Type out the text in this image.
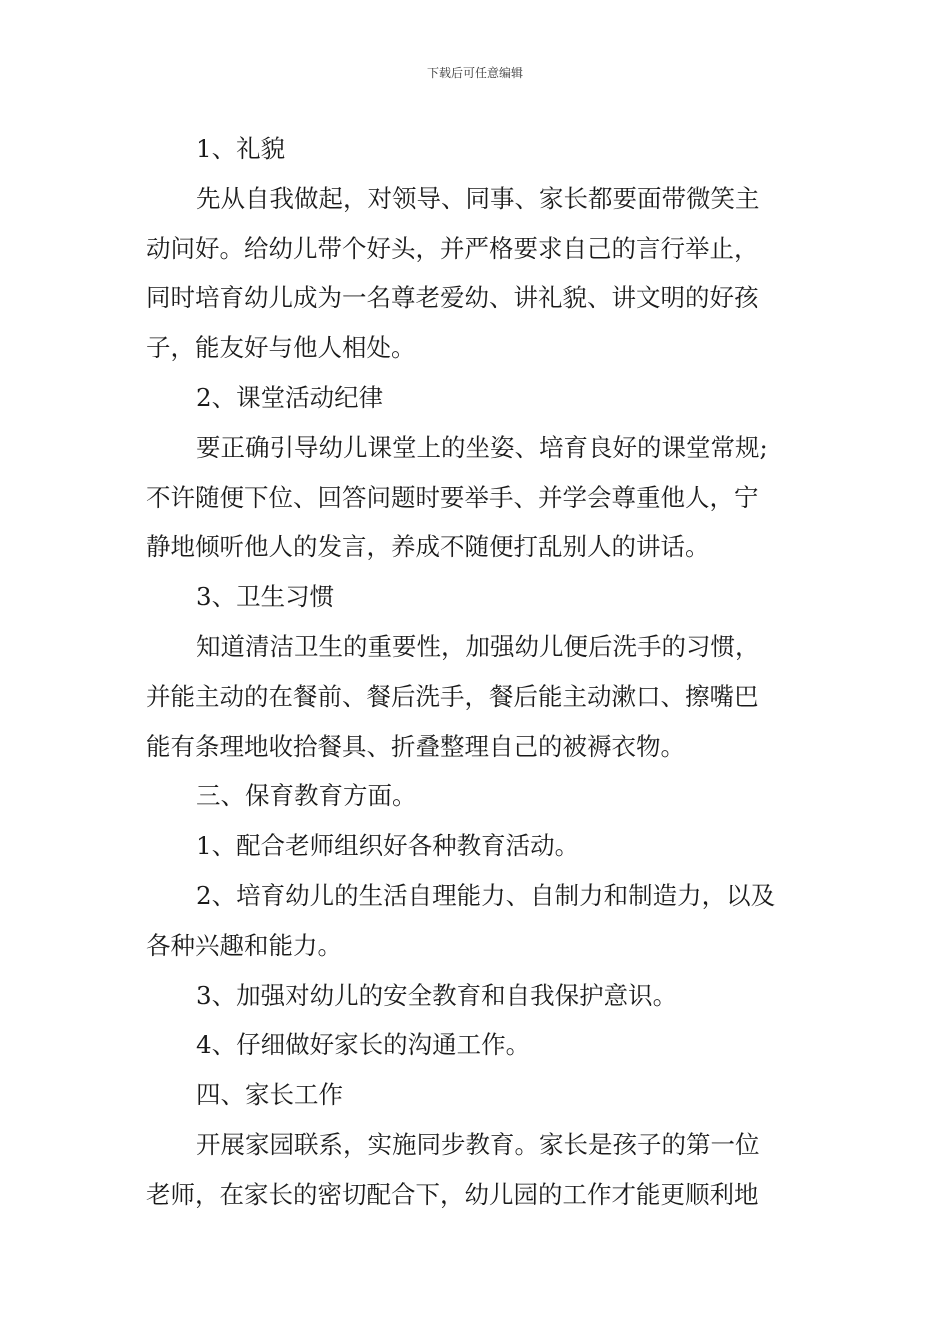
下载后可任意编辑
1、礼貌
先从自我做起，对领导、同事、家长都要面带微笑主
动问好。给幼儿带个好头，并严格要求自己的言行举止，
同时培育幼儿成为一名尊老爱幼、讲礼貌、讲文明的好孩
子，能友好与他人相处。
2、课堂活动纪律
要正确引导幼儿课堂上的坐姿、培育良好的课堂常规;
不许随便下位、回答问题时要举手、并学会尊重他人，宁
静地倾听他人的发言，养成不随便打乱别人的讲话。
3、卫生习惯
知道清洁卫生的重要性，加强幼儿便后洗手的习惯，
并能主动的在餐前、餐后洗手，餐后能主动漱口、擦嘴巴
能有条理地收拾餐具、折叠整理自己的被褥衣物。
三、保育教育方面。
1、配合老师组织好各种教育活动。
2、培育幼儿的生活自理能力、自制力和制造力，以及
各种兴趣和能力。
3、加强对幼儿的安全教育和自我保护意识。
4、仔细做好家长的沟通工作。
四、家长工作
开展家园联系，实施同步教育。家长是孩子的第一位
老师，在家长的密切配合下，幼儿园的工作才能更顺利地
